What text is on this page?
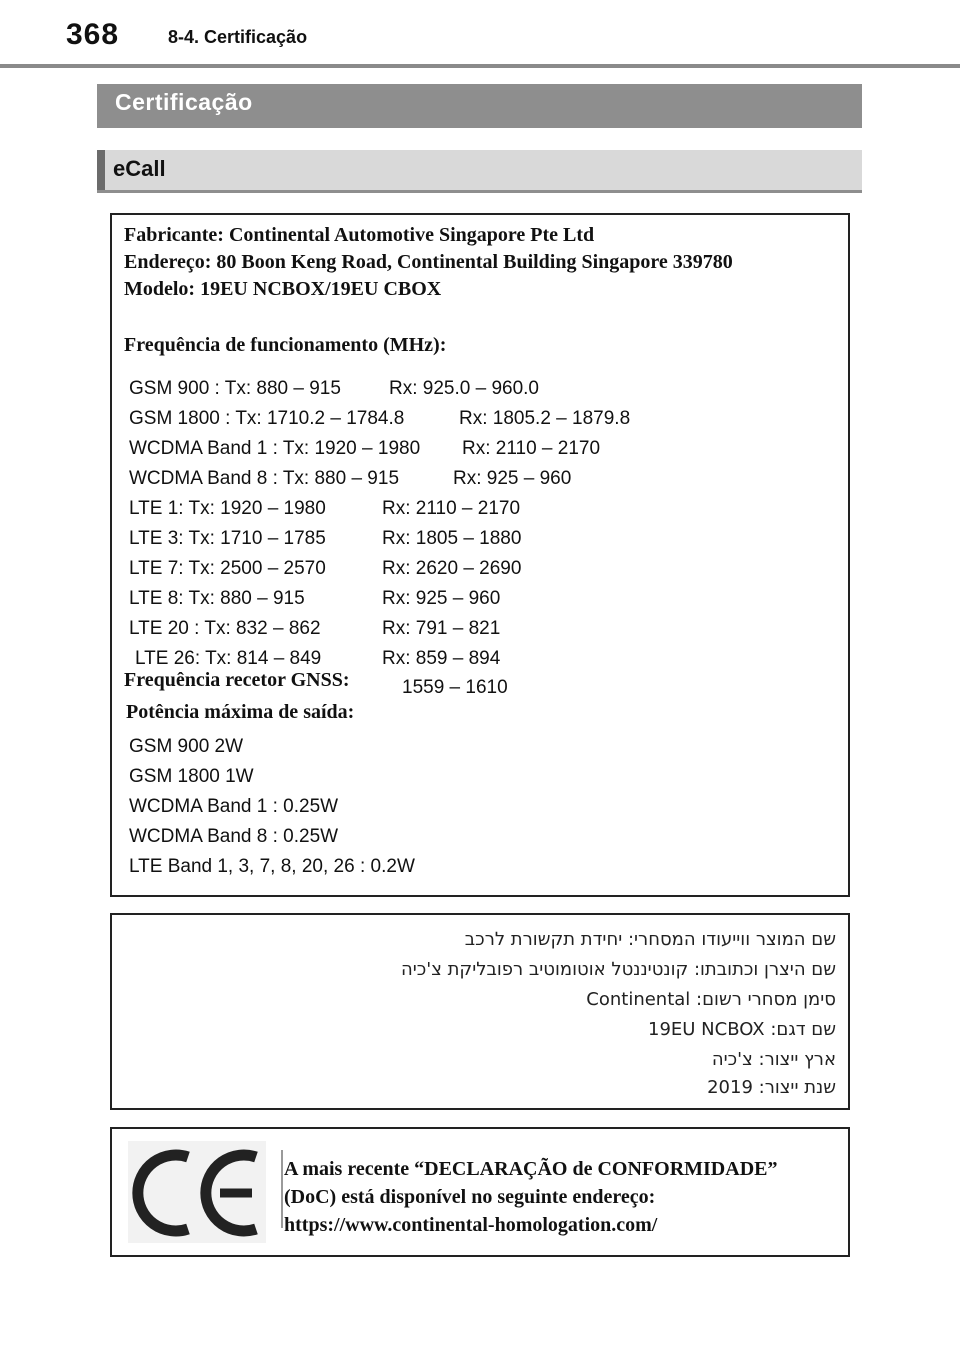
368	8-4. Certificação
Certificação
eCall
Fabricante: Continental Automotive Singapore Pte Ltd
Endereço: 80 Boon Keng Road, Continental Building Singapore 339780
Modelo: 19EU NCBOX/19EU CBOX
Frequência de funcionamento (MHz):
GSM 900 : Tx: 880 – 915	Rx: 925.0 – 960.0
GSM 1800 : Tx: 1710.2 – 1784.8	Rx: 1805.2 – 1879.8
WCDMA Band 1 : Tx: 1920 – 1980 Rx: 2110 – 2170
WCDMA Band 8 : Tx: 880 – 915	Rx: 925 – 960
LTE 1: Tx: 1920 – 1980	Rx: 2110 – 2170
LTE 3: Tx: 1710 – 1785	Rx: 1805 – 1880
LTE 7: Tx: 2500 – 2570	Rx: 2620 – 2690
LTE 8: Tx: 880 – 915	Rx: 925 – 960
LTE 20 : Tx: 832 – 862	Rx: 791 – 821
LTE 26: Tx: 814 – 849	Rx: 859 – 894
Frequência recetor GNSS:	1559 – 1610
Potência máxima de saída:
GSM 900 2W
GSM 1800 1W
WCDMA Band 1 : 0.25W
WCDMA Band 8 : 0.25W
LTE Band 1, 3, 7, 8, 20, 26 : 0.2W
שם המוצר ווייעודו המסחרי: יחידת תקשורת לרכב
שם היצרן וכתובתו: קונטיננטל אוטומוטיב רפובליקת צ'כיה
סימן מסחרי רשום: Continental
שם דגם: 19EU NCBOX
ארץ ייצור: צ'כיה
שנת ייצור: 2019
A mais recente “DECLARAÇÃO de CONFORMIDADE”
(DoC) está disponível no seguinte endereço:
https://www.continental-homologation.com/
